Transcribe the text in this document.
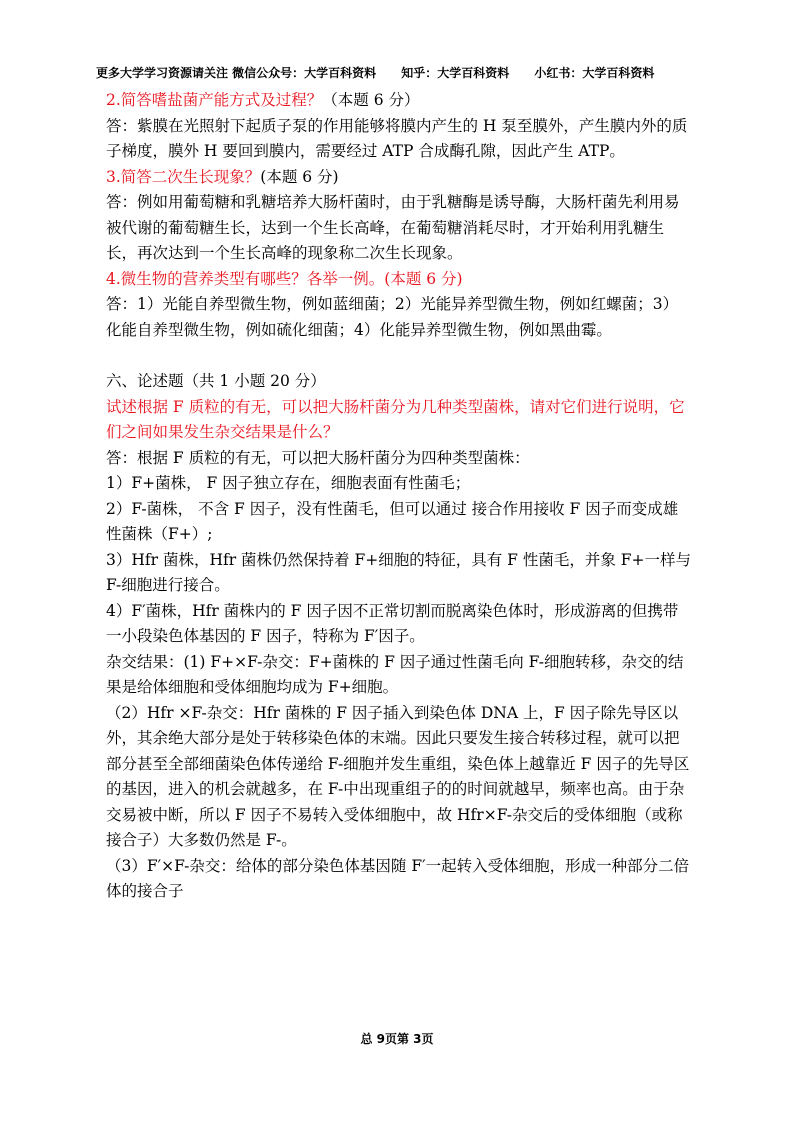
更多大学学习资源请关注 微信公众号：大学百科资料      知乎：大学百科资料      小红书：大学百科资料

2.简答嗜盐菌产能方式及过程？（本题 6 分）

答：紫膜在光照射下起质子泵的作用能够将膜内产生的 H 泵至膜外，产生膜内外的质子梯度，膜外 H 要回到膜内，需要经过 ATP 合成酶孔隙，因此产生 ATP。

3.简答二次生长现象？(本题 6 分)

答：例如用葡萄糖和乳糖培养大肠杆菌时，由于乳糖酶是诱导酶，大肠杆菌先利用易被代谢的葡萄糖生长，达到一个生长高峰，在葡萄糖消耗尽时，才开始利用乳糖生长，再次达到一个生长高峰的现象称二次生长现象。

4.微生物的营养类型有哪些？各举一例。(本题 6 分)

答：1）光能自养型微生物，例如蓝细菌；2）光能异养型微生物，例如红螺菌；3）化能自养型微生物，例如硫化细菌；4）化能异养型微生物，例如黑曲霉。

六、论述题（共 1 小题 20 分）

试述根据 F 质粒的有无，可以把大肠杆菌分为几种类型菌株，请对它们进行说明，它们之间如果发生杂交结果是什么？

答：根据 F 质粒的有无，可以把大肠杆菌分为四种类型菌株：

1）F+菌株， F 因子独立存在，细胞表面有性菌毛；

2）F-菌株， 不含 F 因子，没有性菌毛，但可以通过 接合作用接收 F 因子而变成雄性菌株（F+）;

3）Hfr 菌株，Hfr 菌株仍然保持着 F+细胞的特征，具有 F 性菌毛，并象 F+一样与 F-细胞进行接合。

4）F′菌株，Hfr 菌株内的 F 因子因不正常切割而脱离染色体时，形成游离的但携带一小段染色体基因的 F 因子，特称为 F′因子。

杂交结果：(1) F+×F-杂交：F+菌株的 F 因子通过性菌毛向 F-细胞转移，杂交的结果是给体细胞和受体细胞均成为 F+细胞。

（2）Hfr ×F-杂交：Hfr 菌株的 F 因子插入到染色体 DNA 上，F 因子除先导区以外，其余绝大部分是处于转移染色体的末端。因此只要发生接合转移过程，就可以把部分甚至全部细菌染色体传递给 F-细胞并发生重组，染色体上越靠近 F 因子的先导区的基因，进入的机会就越多，在 F-中出现重组子的的时间就越早，频率也高。由于杂交易被中断，所以 F 因子不易转入受体细胞中，故 Hfr×F-杂交后的受体细胞（或称接合子）大多数仍然是 F-。

（3）F′×F-杂交：给体的部分染色体基因随 F′一起转入受体细胞，形成一种部分二倍体的接合子

总 9页第 3页
